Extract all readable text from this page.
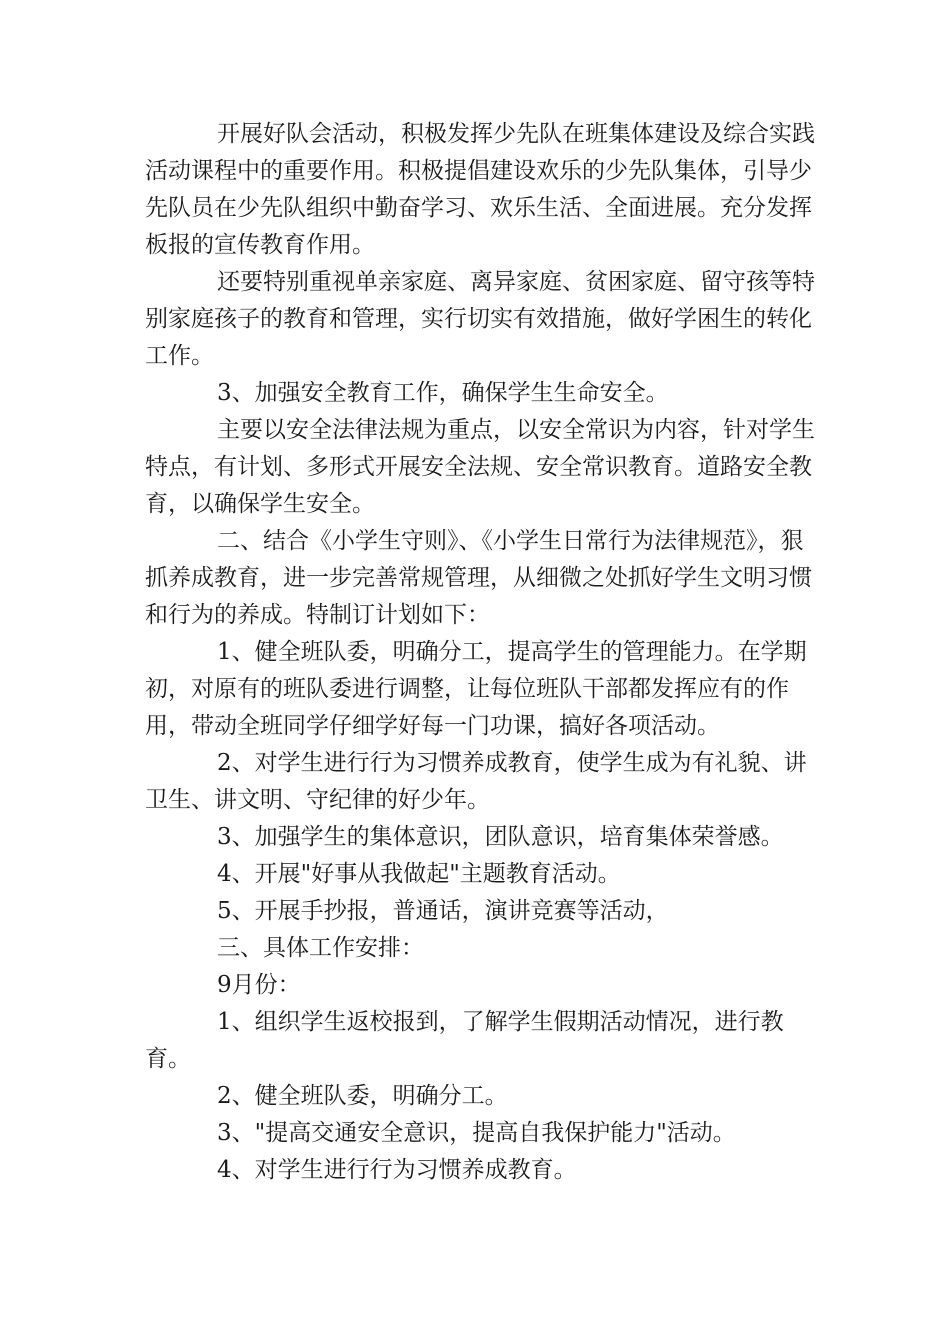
开展好队会活动，积极发挥少先队在班集体建设及综合实践活动课程中的重要作用。积极提倡建设欢乐的少先队集体，引导少先队员在少先队组织中勤奋学习、欢乐生活、全面进展。充分发挥板报的宣传教育作用。

还要特别重视单亲家庭、离异家庭、贫困家庭、留守孩等特别家庭孩子的教育和管理，实行切实有效措施，做好学困生的转化工作。

3、加强安全教育工作，确保学生生命安全。

主要以安全法律法规为重点，以安全常识为内容，针对学生特点，有计划、多形式开展安全法规、安全常识教育。道路安全教育，以确保学生安全。

二、结合《小学生守则》、《小学生日常行为法律规范》，狠抓养成教育，进一步完善常规管理，从细微之处抓好学生文明习惯和行为的养成。特制订计划如下：

1、健全班队委，明确分工，提高学生的管理能力。在学期初，对原有的班队委进行调整，让每位班队干部都发挥应有的作用，带动全班同学仔细学好每一门功课，搞好各项活动。

2、对学生进行行为习惯养成教育，使学生成为有礼貌、讲卫生、讲文明、守纪律的好少年。

3、加强学生的集体意识，团队意识，培育集体荣誉感。

4、开展"好事从我做起"主题教育活动。

5、开展手抄报，普通话，演讲竞赛等活动，

三、具体工作安排：

9月份：

1、组织学生返校报到，了解学生假期活动情况，进行教育。

2、健全班队委，明确分工。

3、"提高交通安全意识，提高自我保护能力"活动。

4、对学生进行行为习惯养成教育。
